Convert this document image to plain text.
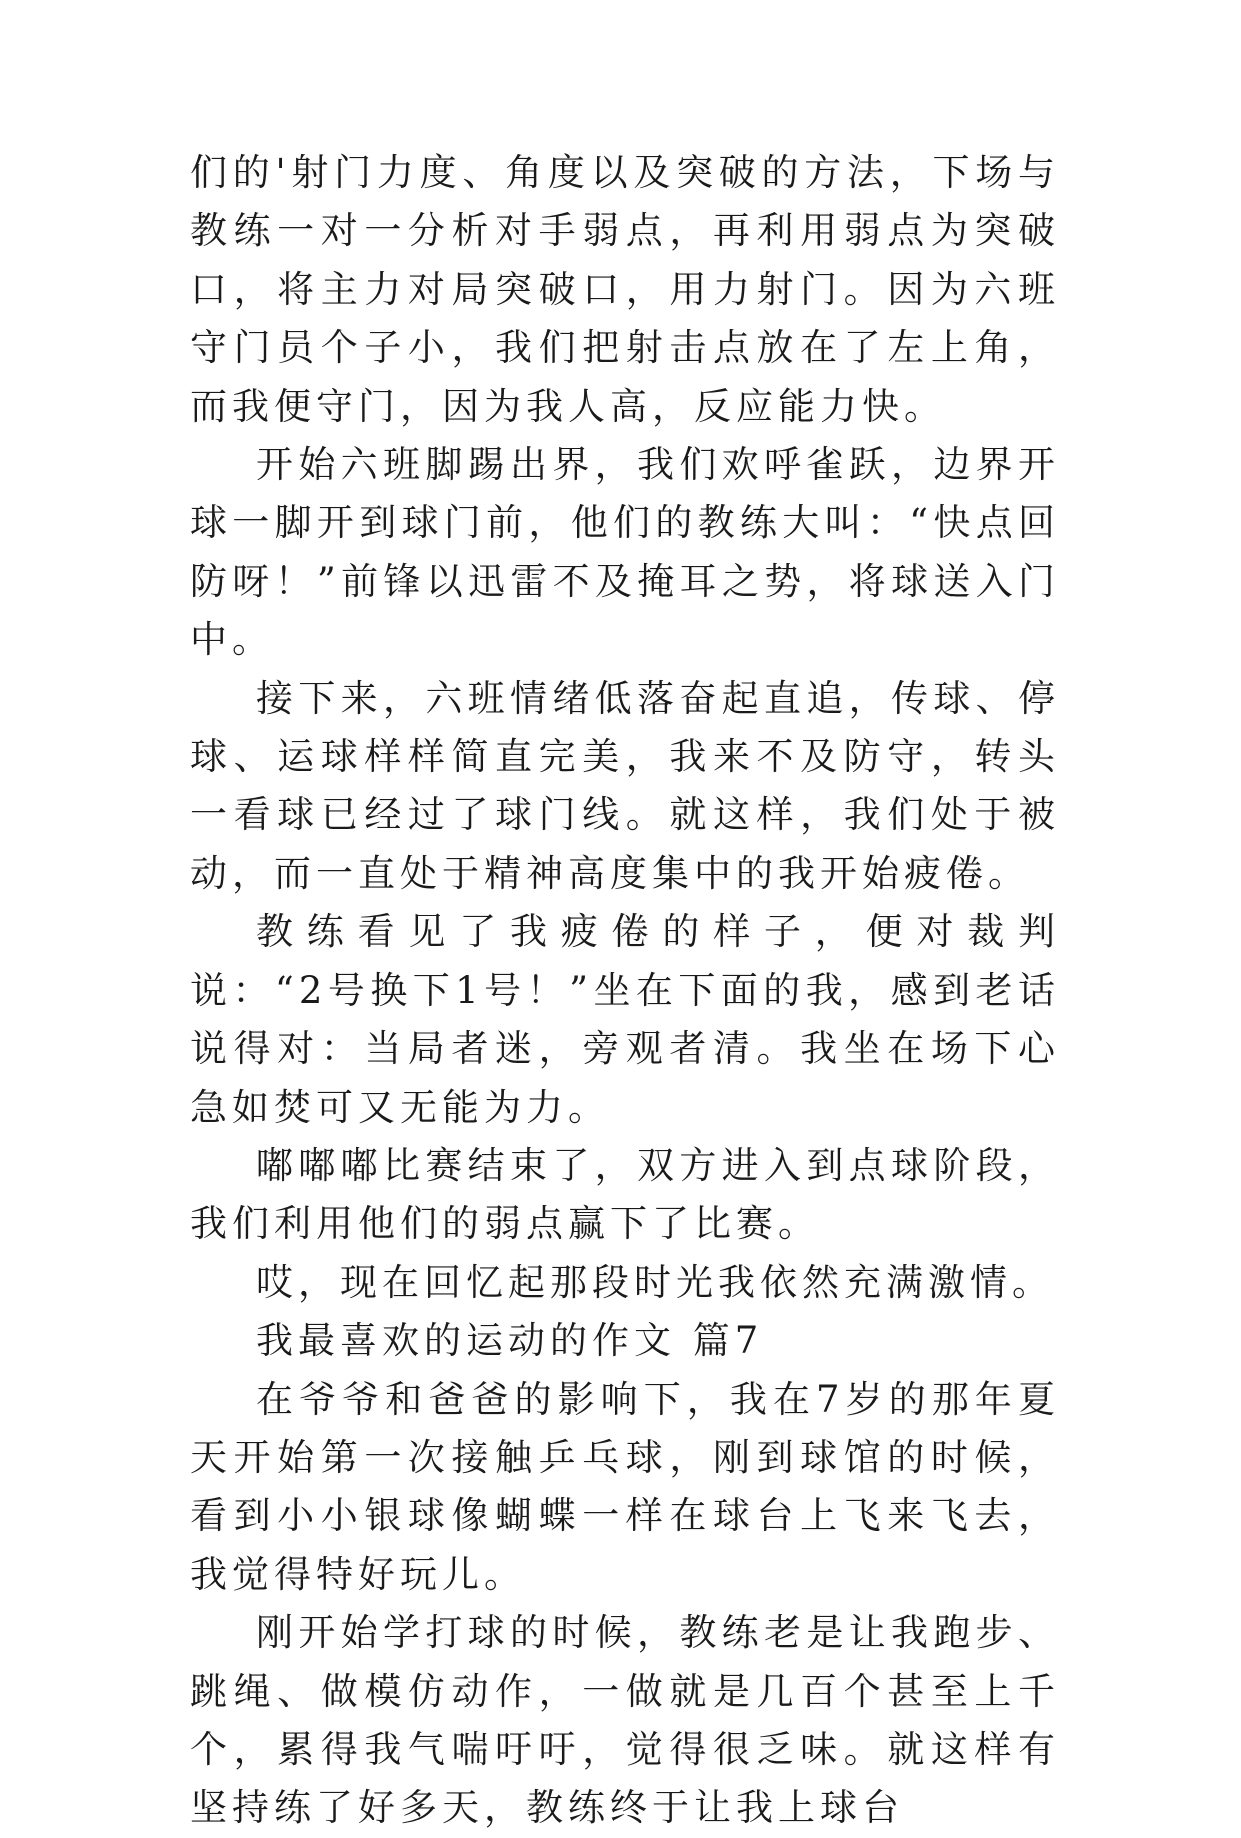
们的'射门力度、角度以及突破的方法，下场与教练一对一分析对手弱点，再利用弱点为突破口，将主力对局突破口，用力射门。因为六班守门员个子小，我们把射击点放在了左上角，而我便守门，因为我人高，反应能力快。

开始六班脚踢出界，我们欢呼雀跃，边界开球一脚开到球门前，他们的教练大叫：“快点回防呀！”前锋以迅雷不及掩耳之势，将球送入门中。

接下来，六班情绪低落奋起直追，传球、停球、运球样样简直完美，我来不及防守，转头一看球已经过了球门线。就这样，我们处于被动，而一直处于精神高度集中的我开始疲倦。

教练看见了我疲倦的样子，便对裁判说：“2号换下1号！”坐在下面的我，感到老话说得对：当局者迷，旁观者清。我坐在场下心急如焚可又无能为力。

嘟嘟嘟比赛结束了，双方进入到点球阶段，我们利用他们的弱点赢下了比赛。

哎，现在回忆起那段时光我依然充满激情。

我最喜欢的运动的作文 篇7

在爷爷和爸爸的影响下，我在7岁的那年夏天开始第一次接触乒乓球，刚到球馆的时候，看到小小银球像蝴蝶一样在球台上飞来飞去，我觉得特好玩儿。

刚开始学打球的时候，教练老是让我跑步、跳绳、做模仿动作，一做就是几百个甚至上千个，累得我气喘吁吁，觉得很乏味。就这样有坚持练了好多天，教练终于让我上球台
